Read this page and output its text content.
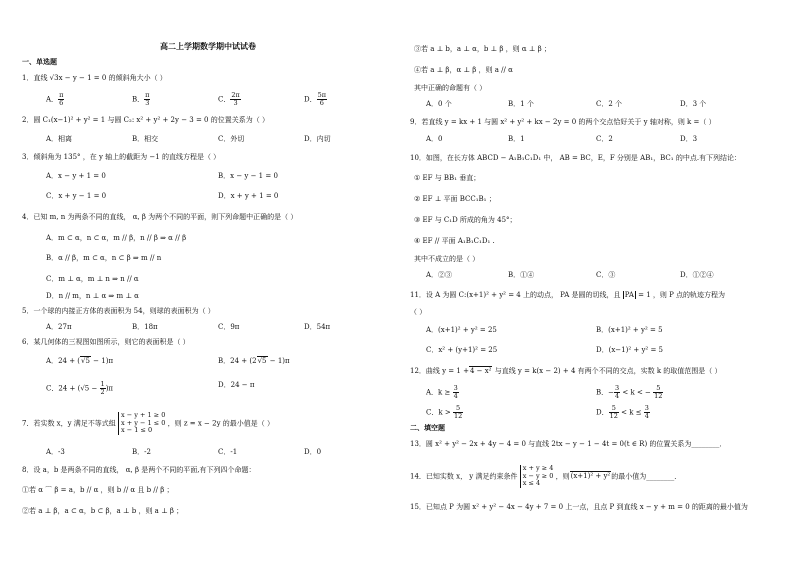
高二上学期数学期中试试卷
一、单选题
1．直线 √3x − y − 1 = 0 的倾斜角大小（ ）
A． $\frac{\pi}{6}$	B． $\frac{\pi}{3}$	C． $\frac{2\pi}{3}$	D． $\frac{5\pi}{6}$
2．圆 C₁(x−1)² + y² = 1 与圆 C₂: x² + y² + 2y − 3 = 0 的位置关系为（ ）
A．相离	B．相交	C．外切	D．内切
3．倾斜角为 135° ，在 y 轴上的截距为 −1 的直线方程是（ ）
A．x − y + 1 = 0	B．x − y − 1 = 0
C．x + y − 1 = 0	D．x + y + 1 = 0
4．已知 m, n 为两条不同的直线， α, β 为两个不同的平面，则下列命题中正确的是（ ）
A．m ⊂ α，n ⊂ α，m // β，n // β ⇒ α // β
B．α // β，m ⊂ α，n ⊂ β ⇒ m // n
C．m ⊥ α，m ⊥ n ⇒ n // α
D．n // m，n ⊥ α ⇒ m ⊥ α
5．一个球的内接正方体的表面积为 54，则球的表面积为（ ）
A．27π	B．18π	C．9π	D．54π
6．某几何体的三视图如图所示，则它的表面积是（ ）
A．24 + (√5 − 1)π	B．24 + (2√5 − 1)π
C．$24 + (√5 - \frac{1}{2} )\pi$	D．24 − π
7．若实数 x，y 满足不等式组
x − y + 1 ≥ 0
x + y − 1 ≤ 0
x − 1 ≤ 0
，则 z = x − 2y 的最小值是（ ）
A．-3	B．-2	C．-1	D．0
8．设 a，b 是两条不同的直线， α, β 是两个不同的平面,有下列四个命题：
①若 α ⌒ β = a，b // α ，则 b // α 且 b // β ；
②若 a ⊥ β，a ⊂ α，b ⊂ β，a ⊥ b ，则 a ⊥ β ；
③若 a ⊥ b，a ⊥ α，b ⊥ β ，则 α ⊥ β ；
④若 a ⊥ β，α ⊥ β ，则 a // α
其中正确的命题有（ ）
A．0 个	B．1 个	C．2 个	D．3 个
9．若直线 y = kx + 1 与圆 x² + y² + kx − 2y = 0 的两个交点恰好关于 y 轴对称，则 k =（ ）
A．0	B．1	C．2	D．3
10．如图，在长方体 ABCD − A₁B₁C₁D₁ 中， AB = BC，E，F 分别是 AB₁，BC₁ 的中点.有下列结论：
① EF 与 BB₁ 垂直；
② EF ⊥ 平面 BCC₁B₁ ；
③ EF 与 C₁D 所成的角为 45°；
④ EF // 平面 A₁B₁C₁D₁ .
其中不成立的是（ ）
A．②③	B．①④	C．③	D．①②④
11．设 A 为圆 C:(x+1)² + y² = 4 上的动点， PA 是圆的切线，且 PA = 1 ，则 P 点的轨迹方程为
（ ）
A．(x+1)² + y² = 25	B．(x+1)² + y² = 5
C．x² + (y+1)² = 25	D．(x−1)² + y² = 5
12．曲线 y = 1 +4 − x² 与直线 y = k(x − 2) + 4 有两个不同的交点，实数 k 的取值范围是（ ）
A．$k \ge \frac{3}{4}$	B．− $\frac{3}{4} < k$ < − $\frac{5}{12}$
C．$k > \frac{5}{12}$	D． $\frac{5}{12} < k \le \frac{3}{4}$
二、填空题
13．圆 x² + y² − 2x + 4y − 4 = 0 与直线 2tx − y − 1 − 4t = 0(t ∈ R) 的位置关系为________．
14．已知实数 x， y 满足约束条件
x + y ≥ 4
x − y ≥ 0
x ≤ 4
，则(x+1)² + y²的最小值为________．
15．已知点 P 为圆 x² + y² − 4x − 4y + 7 = 0 上一点，且点 P 到直线 x − y + m = 0 的距离的最小值为
